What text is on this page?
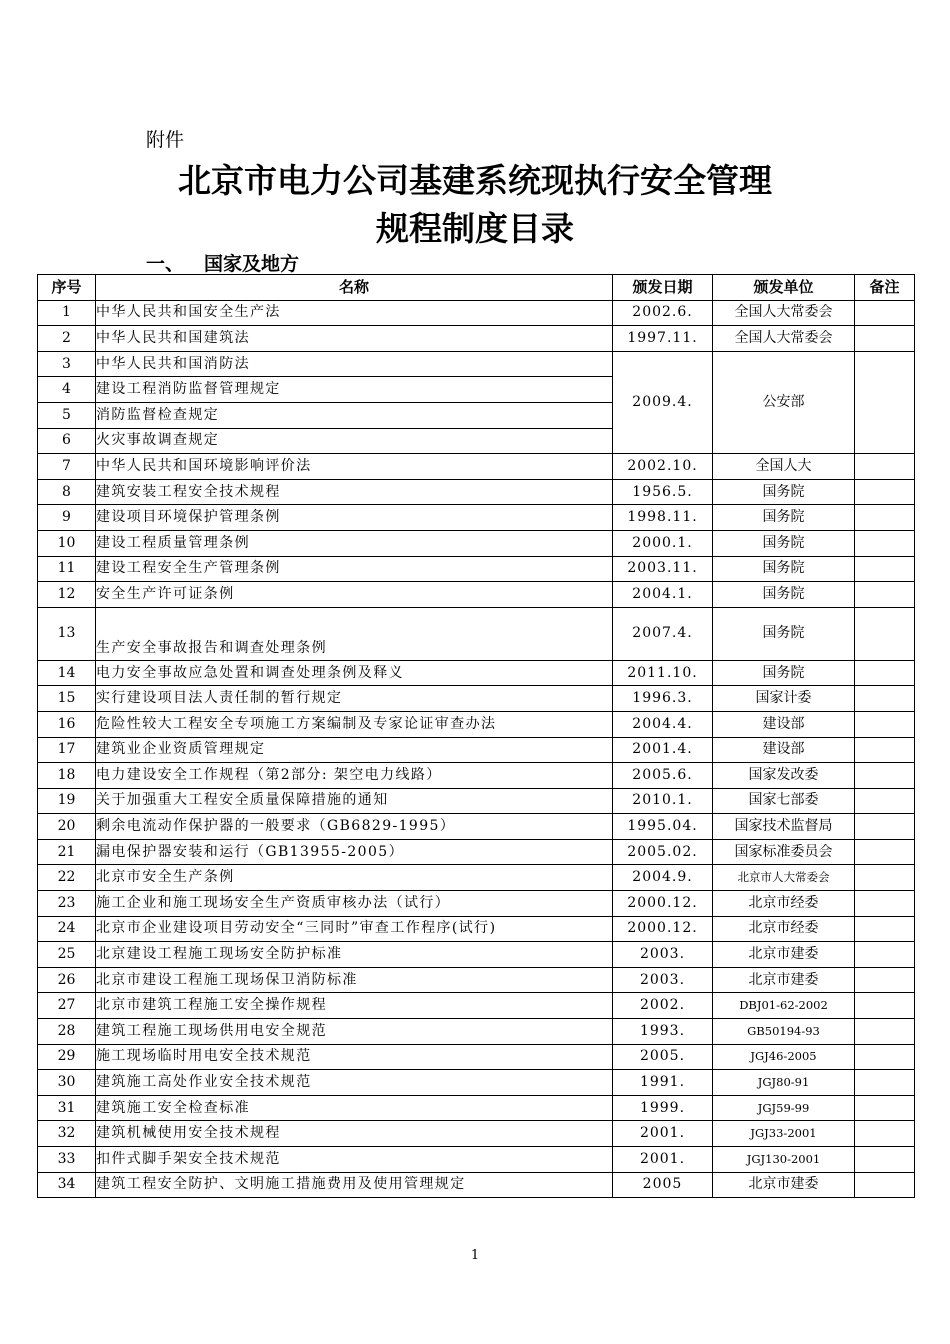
附件
北京市电力公司基建系统现执行安全管理
规程制度目录
一、 国家及地方
序号	名称	颁发日期	颁发单位	备注
1	中华人民共和国安全生产法	2002.6.	全国人大常委会	
2	中华人民共和国建筑法	1997.11.	全国人大常委会	
3	中华人民共和国消防法	2009.4.	公安部	
4	建设工程消防监督管理规定			
5	消防监督检查规定			
6	火灾事故调查规定			
7	中华人民共和国环境影响评价法	2002.10.	全国人大	
8	建筑安装工程安全技术规程	1956.5.	国务院	
9	建设项目环境保护管理条例	1998.11.	国务院	
10	建设工程质量管理条例	2000.1.	国务院	
11	建设工程安全生产管理条例	2003.11.	国务院	
12	安全生产许可证条例	2004.1.	国务院	
13	生产安全事故报告和调查处理条例	2007.4.	国务院	
14	电力安全事故应急处置和调查处理条例及释义	2011.10.	国务院	
15	实行建设项目法人责任制的暂行规定	1996.3.	国家计委	
16	危险性较大工程安全专项施工方案编制及专家论证审查办法	2004.4.	建设部	
17	建筑业企业资质管理规定	2001.4.	建设部	
18	电力建设安全工作规程（第2部分: 架空电力线路）	2005.6.	国家发改委	
19	关于加强重大工程安全质量保障措施的通知	2010.1.	国家七部委	
20	剩余电流动作保护器的一般要求（GB6829-1995）	1995.04.	国家技术监督局	
21	漏电保护器安装和运行（GB13955-2005）	2005.02.	国家标准委员会	
22	北京市安全生产条例	2004.9.	北京市人大常委会	
23	施工企业和施工现场安全生产资质审核办法（试行）	2000.12.	北京市经委	
24	北京市企业建设项目劳动安全“三同时”审查工作程序(试行)	2000.12.	北京市经委	
25	北京建设工程施工现场安全防护标准	2003.	北京市建委	
26	北京市建设工程施工现场保卫消防标准	2003.	北京市建委	
27	北京市建筑工程施工安全操作规程	2002.	DBJ01-62-2002	
28	建筑工程施工现场供用电安全规范	1993.	GB50194-93	
29	施工现场临时用电安全技术规范	2005.	JGJ46-2005	
30	建筑施工高处作业安全技术规范	1991.	JGJ80-91	
31	建筑施工安全检查标准	1999.	JGJ59-99	
32	建筑机械使用安全技术规程	2001.	JGJ33-2001	
33	扣件式脚手架安全技术规范	2001.	JGJ130-2001	
34	建筑工程安全防护、文明施工措施费用及使用管理规定	2005	北京市建委	
1
